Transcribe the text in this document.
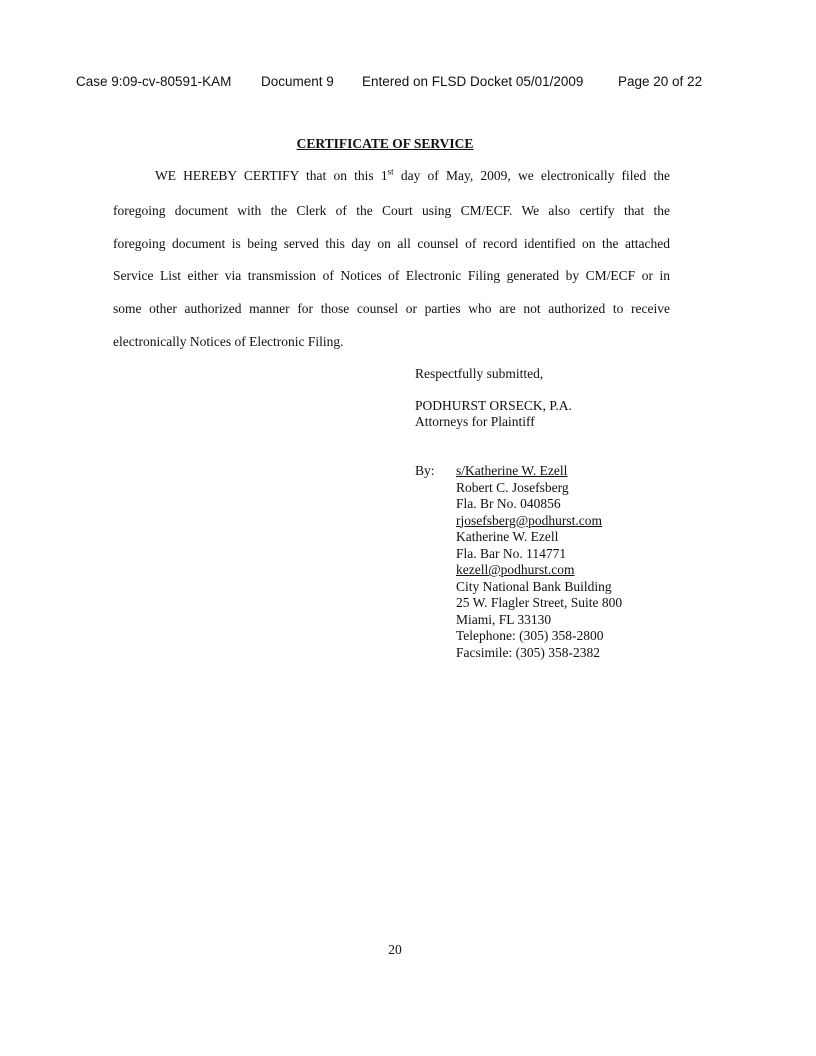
Case 9:09-cv-80591-KAM Document 9 Entered on FLSD Docket 05/01/2009	Page 20 of 22
CERTIFICATE OF SERVICE
WE HEREBY CERTIFY that on this 1st day of May, 2009, we electronically filed the
foregoing document with the Clerk of the Court using CM/ECF. We also certify that the
foregoing document is being served this day on all counsel of record identified on the attached
Service List either via transmission of Notices of Electronic Filing generated by CM/ECF or in
some other authorized manner for those counsel or parties who are not authorized to receive
electronically Notices of Electronic Filing.
Respectfully submitted,
PODHURST ORSECK, P.A.
Attorneys for Plaintiff
By: s/Katherine W. Ezell
Robert C. Josefsberg
Fla. Br No. 040856
rjosefsberg@podhurst.com
Katherine W. Ezell
Fla. Bar No. 114771
kezell@podhurst.com
City National Bank Building
25 W. Flagler Street, Suite 800
Miami, FL 33130
Telephone: (305) 358-2800
Facsimile: (305) 358-2382
20
